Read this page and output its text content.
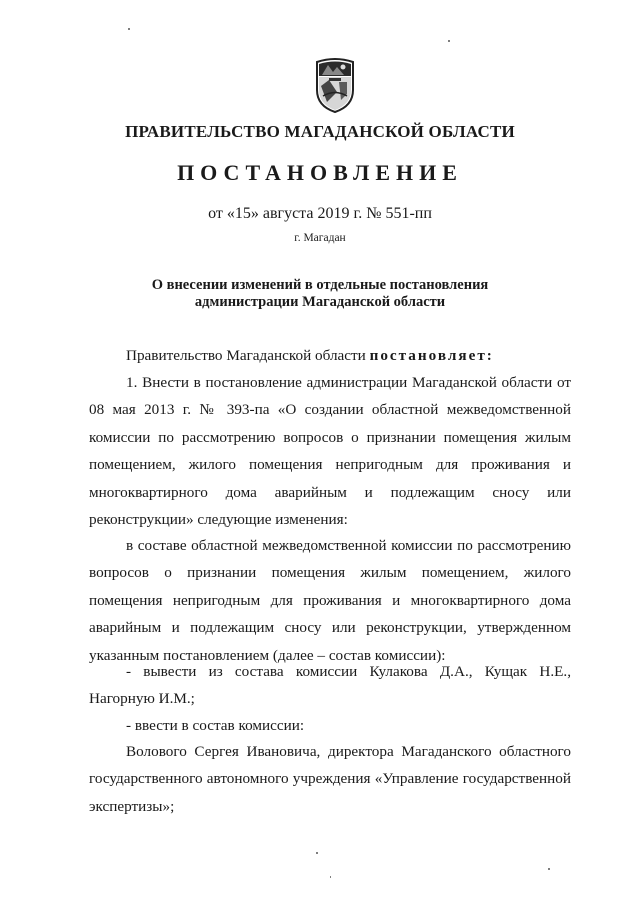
ПРАВИТЕЛЬСТВО МАГАДАНСКОЙ ОБЛАСТИ
ПОСТАНОВЛЕНИЕ
от «15» августа 2019 г. № 551-пп
г. Магадан
О внесении изменений в отдельные постановления
администрации Магаданской области
Правительство Магаданской области постановляет:
1. Внести в постановление администрации Магаданской области от 08 мая 2013 г. № 393-па «О создании областной межведомственной комиссии по рассмотрению вопросов о признании помещения жилым помещением, жилого помещения непригодным для проживания и многоквартирного дома аварийным и подлежащим сносу или реконструкции» следующие изменения:
в составе областной межведомственной комиссии по рассмотрению вопросов о признании помещения жилым помещением, жилого помещения непригодным для проживания и многоквартирного дома аварийным и подлежащим сносу или реконструкции, утвержденном указанным постановлением (далее – состав комиссии):
- вывести из состава комиссии Кулакова Д.А., Кущак Н.Е., Нагорную И.М.;
- ввести в состав комиссии:
Волового Сергея Ивановича, директора Магаданского областного государственного автономного учреждения «Управление государственной экспертизы»;
